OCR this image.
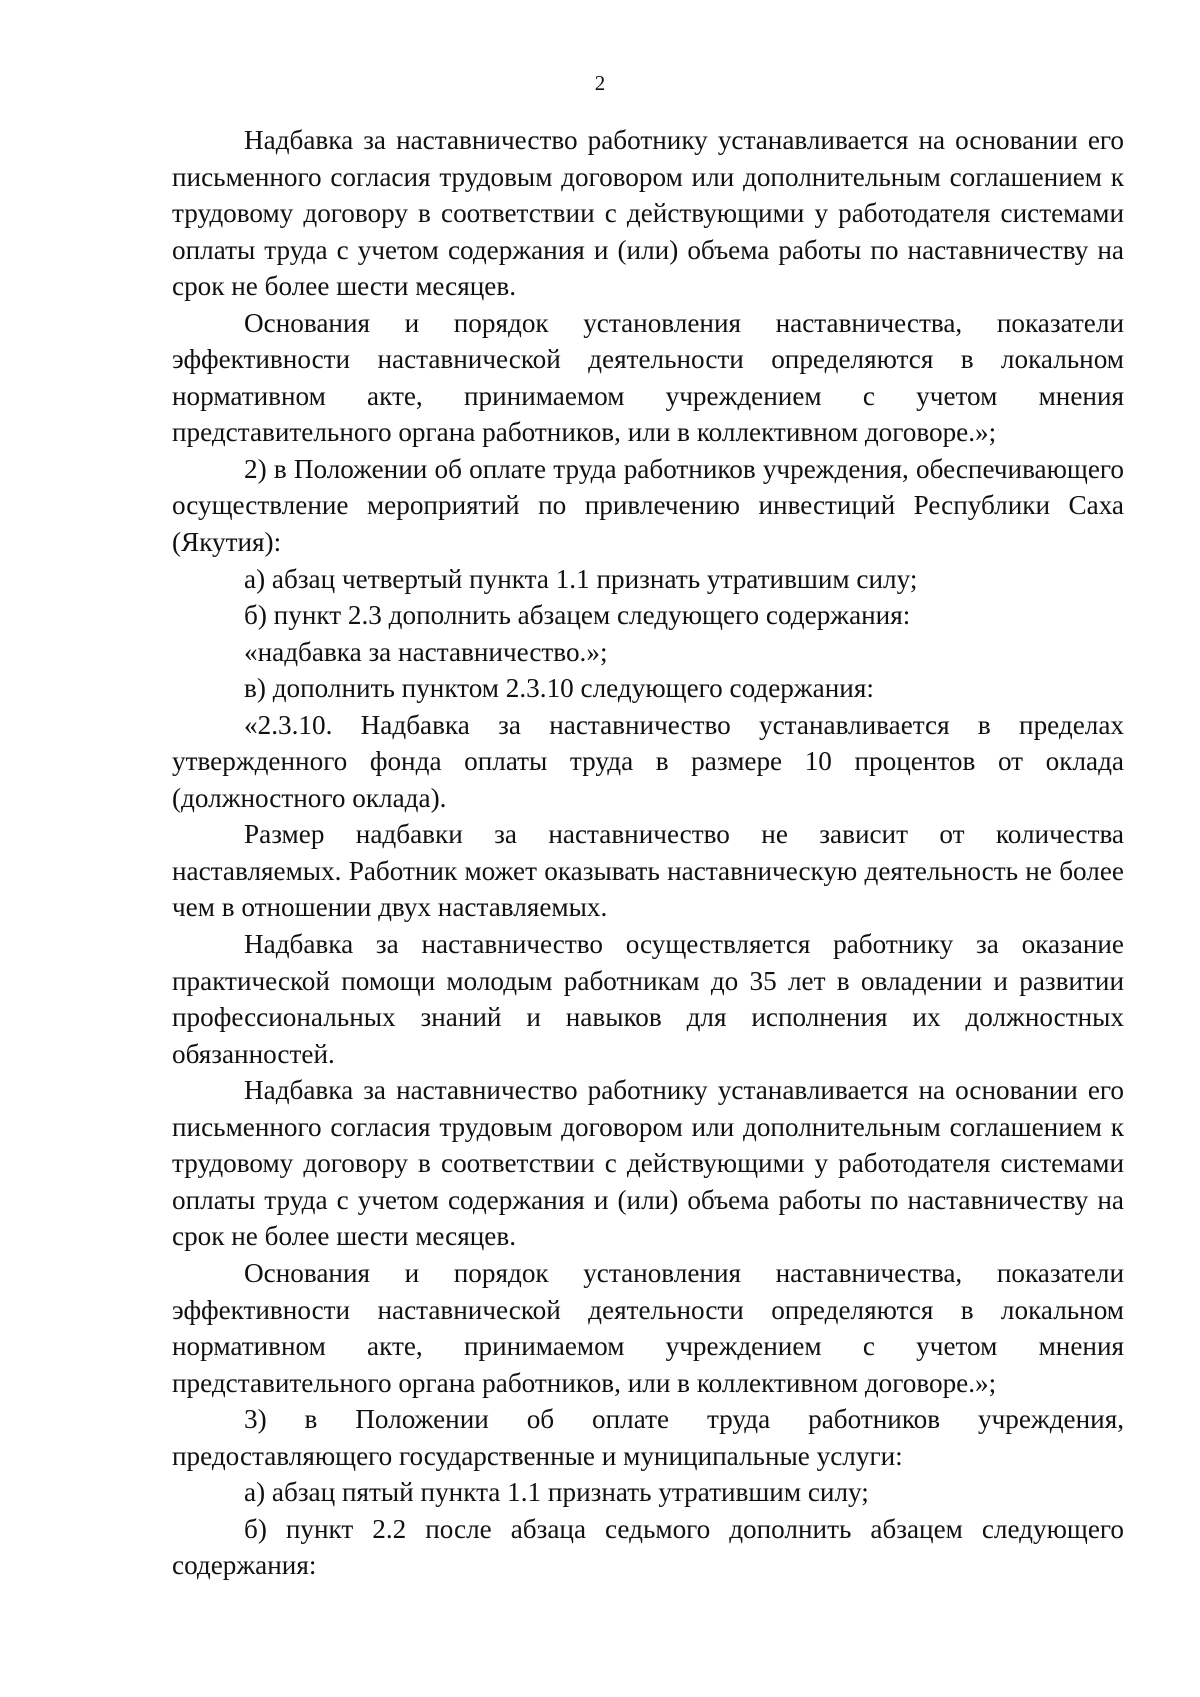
2

Надбавка за наставничество работнику устанавливается на основании его письменного согласия трудовым договором или дополнительным соглашением к трудовому договору в соответствии с действующими у работодателя системами оплаты труда с учетом содержания и (или) объема работы по наставничеству на срок не более шести месяцев.

Основания и порядок установления наставничества, показатели эффективности наставнической деятельности определяются в локальном нормативном акте, принимаемом учреждением с учетом мнения представительного органа работников, или в коллективном договоре.»;

2) в Положении об оплате труда работников учреждения, обеспечивающего осуществление мероприятий по привлечению инвестиций Республики Саха (Якутия):

а) абзац четвертый пункта 1.1 признать утратившим силу;

б) пункт 2.3 дополнить абзацем следующего содержания:

«надбавка за наставничество.»;

в) дополнить пунктом 2.3.10 следующего содержания:

«2.3.10. Надбавка за наставничество устанавливается в пределах утвержденного фонда оплаты труда в размере 10 процентов от оклада (должностного оклада).

Размер надбавки за наставничество не зависит от количества наставляемых. Работник может оказывать наставническую деятельность не более чем в отношении двух наставляемых.

Надбавка за наставничество осуществляется работнику за оказание практической помощи молодым работникам до 35 лет в овладении и развитии профессиональных знаний и навыков для исполнения их должностных обязанностей.

Надбавка за наставничество работнику устанавливается на основании его письменного согласия трудовым договором или дополнительным соглашением к трудовому договору в соответствии с действующими у работодателя системами оплаты труда с учетом содержания и (или) объема работы по наставничеству на срок не более шести месяцев.

Основания и порядок установления наставничества, показатели эффективности наставнической деятельности определяются в локальном нормативном акте, принимаемом учреждением с учетом мнения представительного органа работников, или в коллективном договоре.»;

3) в Положении об оплате труда работников учреждения, предоставляющего государственные и муниципальные услуги:

а) абзац пятый пункта 1.1 признать утратившим силу;

б) пункт 2.2 после абзаца седьмого дополнить абзацем следующего содержания:
